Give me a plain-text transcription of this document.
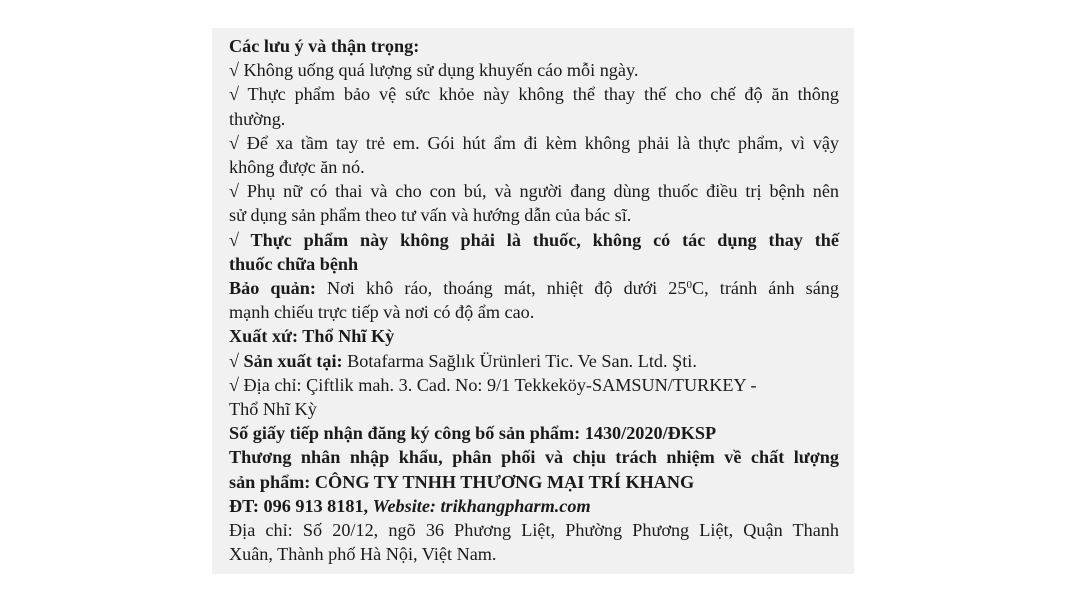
Các lưu ý và thận trọng:
√ Không uống quá lượng sử dụng khuyến cáo mỗi ngày.
√ Thực phẩm bảo vệ sức khỏe này không thể thay thế cho chế độ ăn thông
thường.
√ Để xa tầm tay trẻ em. Gói hút ẩm đi kèm không phải là thực phẩm, vì vậy
không được ăn nó.
√ Phụ nữ có thai và cho con bú, và người đang dùng thuốc điều trị bệnh nên
sử dụng sản phẩm theo tư vấn và hướng dẫn của bác sĩ.
√ Thực phẩm này không phải là thuốc, không có tác dụng thay thế
thuốc chữa bệnh
Bảo quản: Nơi khô ráo, thoáng mát, nhiệt độ dưới $25^0C$, tránh ánh sáng
mạnh chiếu trực tiếp và nơi có độ ẩm cao.
Xuất xứ: Thổ Nhĩ Kỳ
√ Sản xuất tại: Botafarma Sağlık Ürünleri Tic. Ve San. Ltd. Şti.
√ Địa chỉ: Çiftlik mah. 3. Cad. No: 9/1 Tekkeköy-SAMSUN/TURKEY -
Thổ Nhĩ Kỳ
Số giấy tiếp nhận đăng ký công bố sản phẩm: 1430/2020/ĐKSP
Thương nhân nhập khẩu, phân phối và chịu trách nhiệm về chất lượng
sản phẩm: CÔNG TY TNHH THƯƠNG MẠI TRÍ KHANG
ĐT: 096 913 8181, Website: trikhangpharm.com
Địa chỉ: Số 20/12, ngõ 36 Phương Liệt, Phường Phương Liệt, Quận Thanh
Xuân, Thành phố Hà Nội, Việt Nam.
